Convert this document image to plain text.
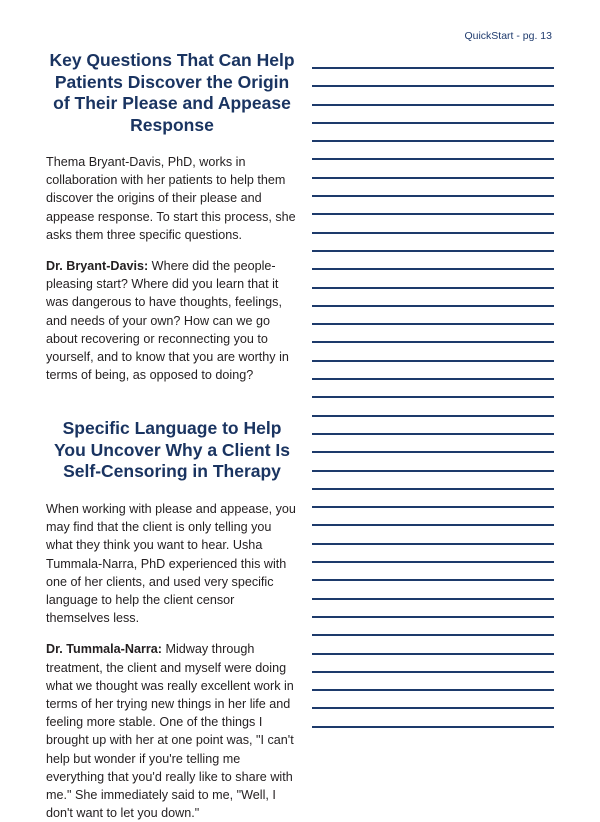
QuickStart - pg. 13
Key Questions That Can Help Patients Discover the Origin of Their Please and Appease Response

Thema Bryant-Davis, PhD, works in collaboration with her patients to help them discover the origins of their please and appease response. To start this process, she asks them three specific questions.

Dr. Bryant-Davis: Where did the people-pleasing start? Where did you learn that it was dangerous to have thoughts, feelings, and needs of your own? How can we go about recovering or reconnecting you to yourself, and to know that you are worthy in terms of being, as opposed to doing?

Specific Language to Help You Uncover Why a Client Is Self-Censoring in Therapy

When working with please and appease, you may find that the client is only telling you what they think you want to hear. Usha Tummala-Narra, PhD experienced this with one of her clients, and used very specific language to help the client censor themselves less.

Dr. Tummala-Narra: Midway through treatment, the client and myself were doing what we thought was really excellent work in terms of her trying new things in her life and feeling more stable. One of the things I brought up with her at one point was, "I can't help but wonder if you're telling me everything that you'd really like to share with me." She immediately said to me, "Well, I don't want to let you down."
